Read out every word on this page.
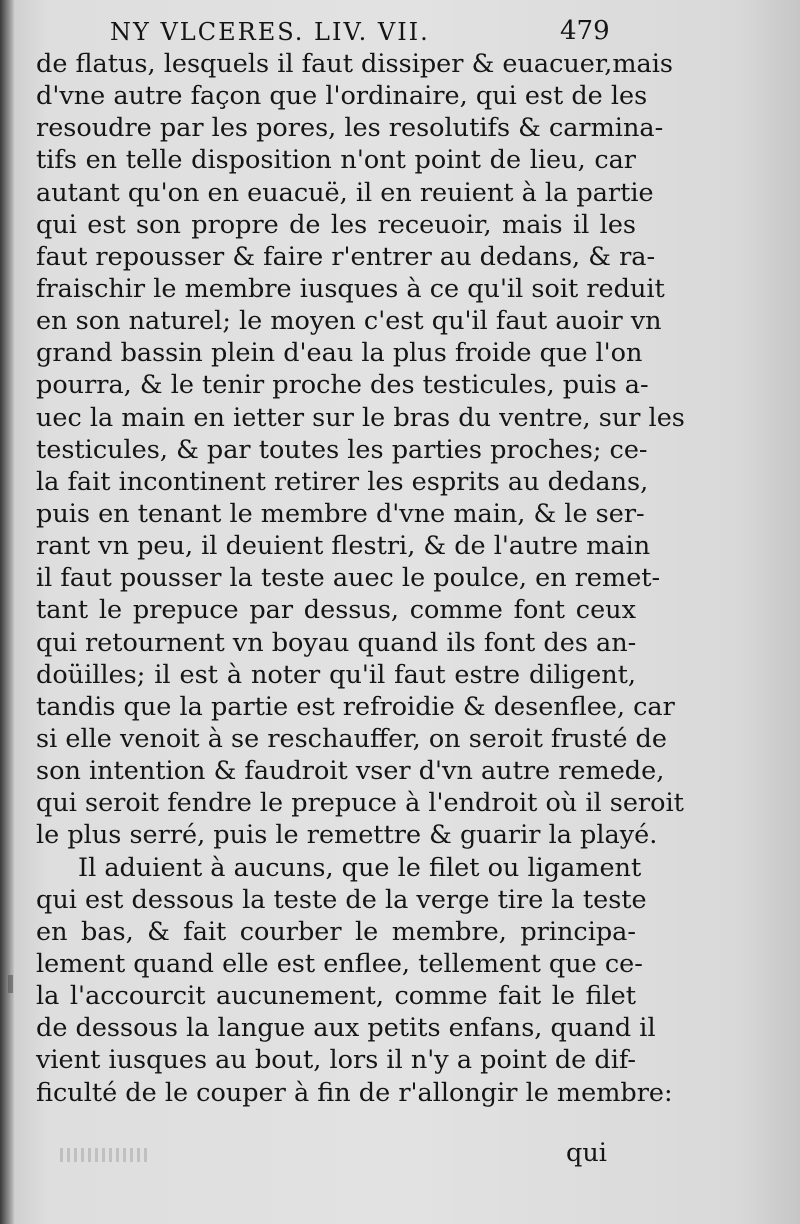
NY VLCERES. LIV. VII.	479
de flatus, lesquels il faut dissiper & euacuer,mais
d'vne autre façon que l'ordinaire, qui est de les
resoudre par les pores, les resolutifs & carmina-
tifs en telle disposition n'ont point de lieu, car
autant qu'on en euacuë, il en reuient à la partie
qui est son propre de les receuoir, mais il les
faut repousser & faire r'entrer au dedans, & ra-
fraischir le membre iusques à ce qu'il soit reduit
en son naturel; le moyen c'est qu'il faut auoir vn
grand bassin plein d'eau la plus froide que l'on
pourra, & le tenir proche des testicules, puis a-
uec la main en ietter sur le bras du ventre, sur les
testicules, & par toutes les parties proches; ce-
la fait incontinent retirer les esprits au dedans,
puis en tenant le membre d'vne main, & le ser-
rant vn peu, il deuient flestri, & de l'autre main
il faut pousser la teste auec le poulce, en remet-
tant le prepuce par dessus, comme font ceux
qui retournent vn boyau quand ils font des an-
doüilles; il est à noter qu'il faut estre diligent,
tandis que la partie est refroidie & desenflee, car
si elle venoit à se reschauffer, on seroit frusté de
son intention & faudroit vser d'vn autre remede,
qui seroit fendre le prepuce à l'endroit où il seroit
le plus serré, puis le remettre & guarir la playé.
Il aduient à aucuns, que le filet ou ligament
qui est dessous la teste de la verge tire la teste
en bas, & fait courber le membre, principa-
lement quand elle est enflee, tellement que ce-
la l'accourcit aucunement, comme fait le filet
de dessous la langue aux petits enfans, quand il
vient iusques au bout, lors il n'y a point de dif-
ficulté de le couper à fin de r'allongir le membre:
qui
